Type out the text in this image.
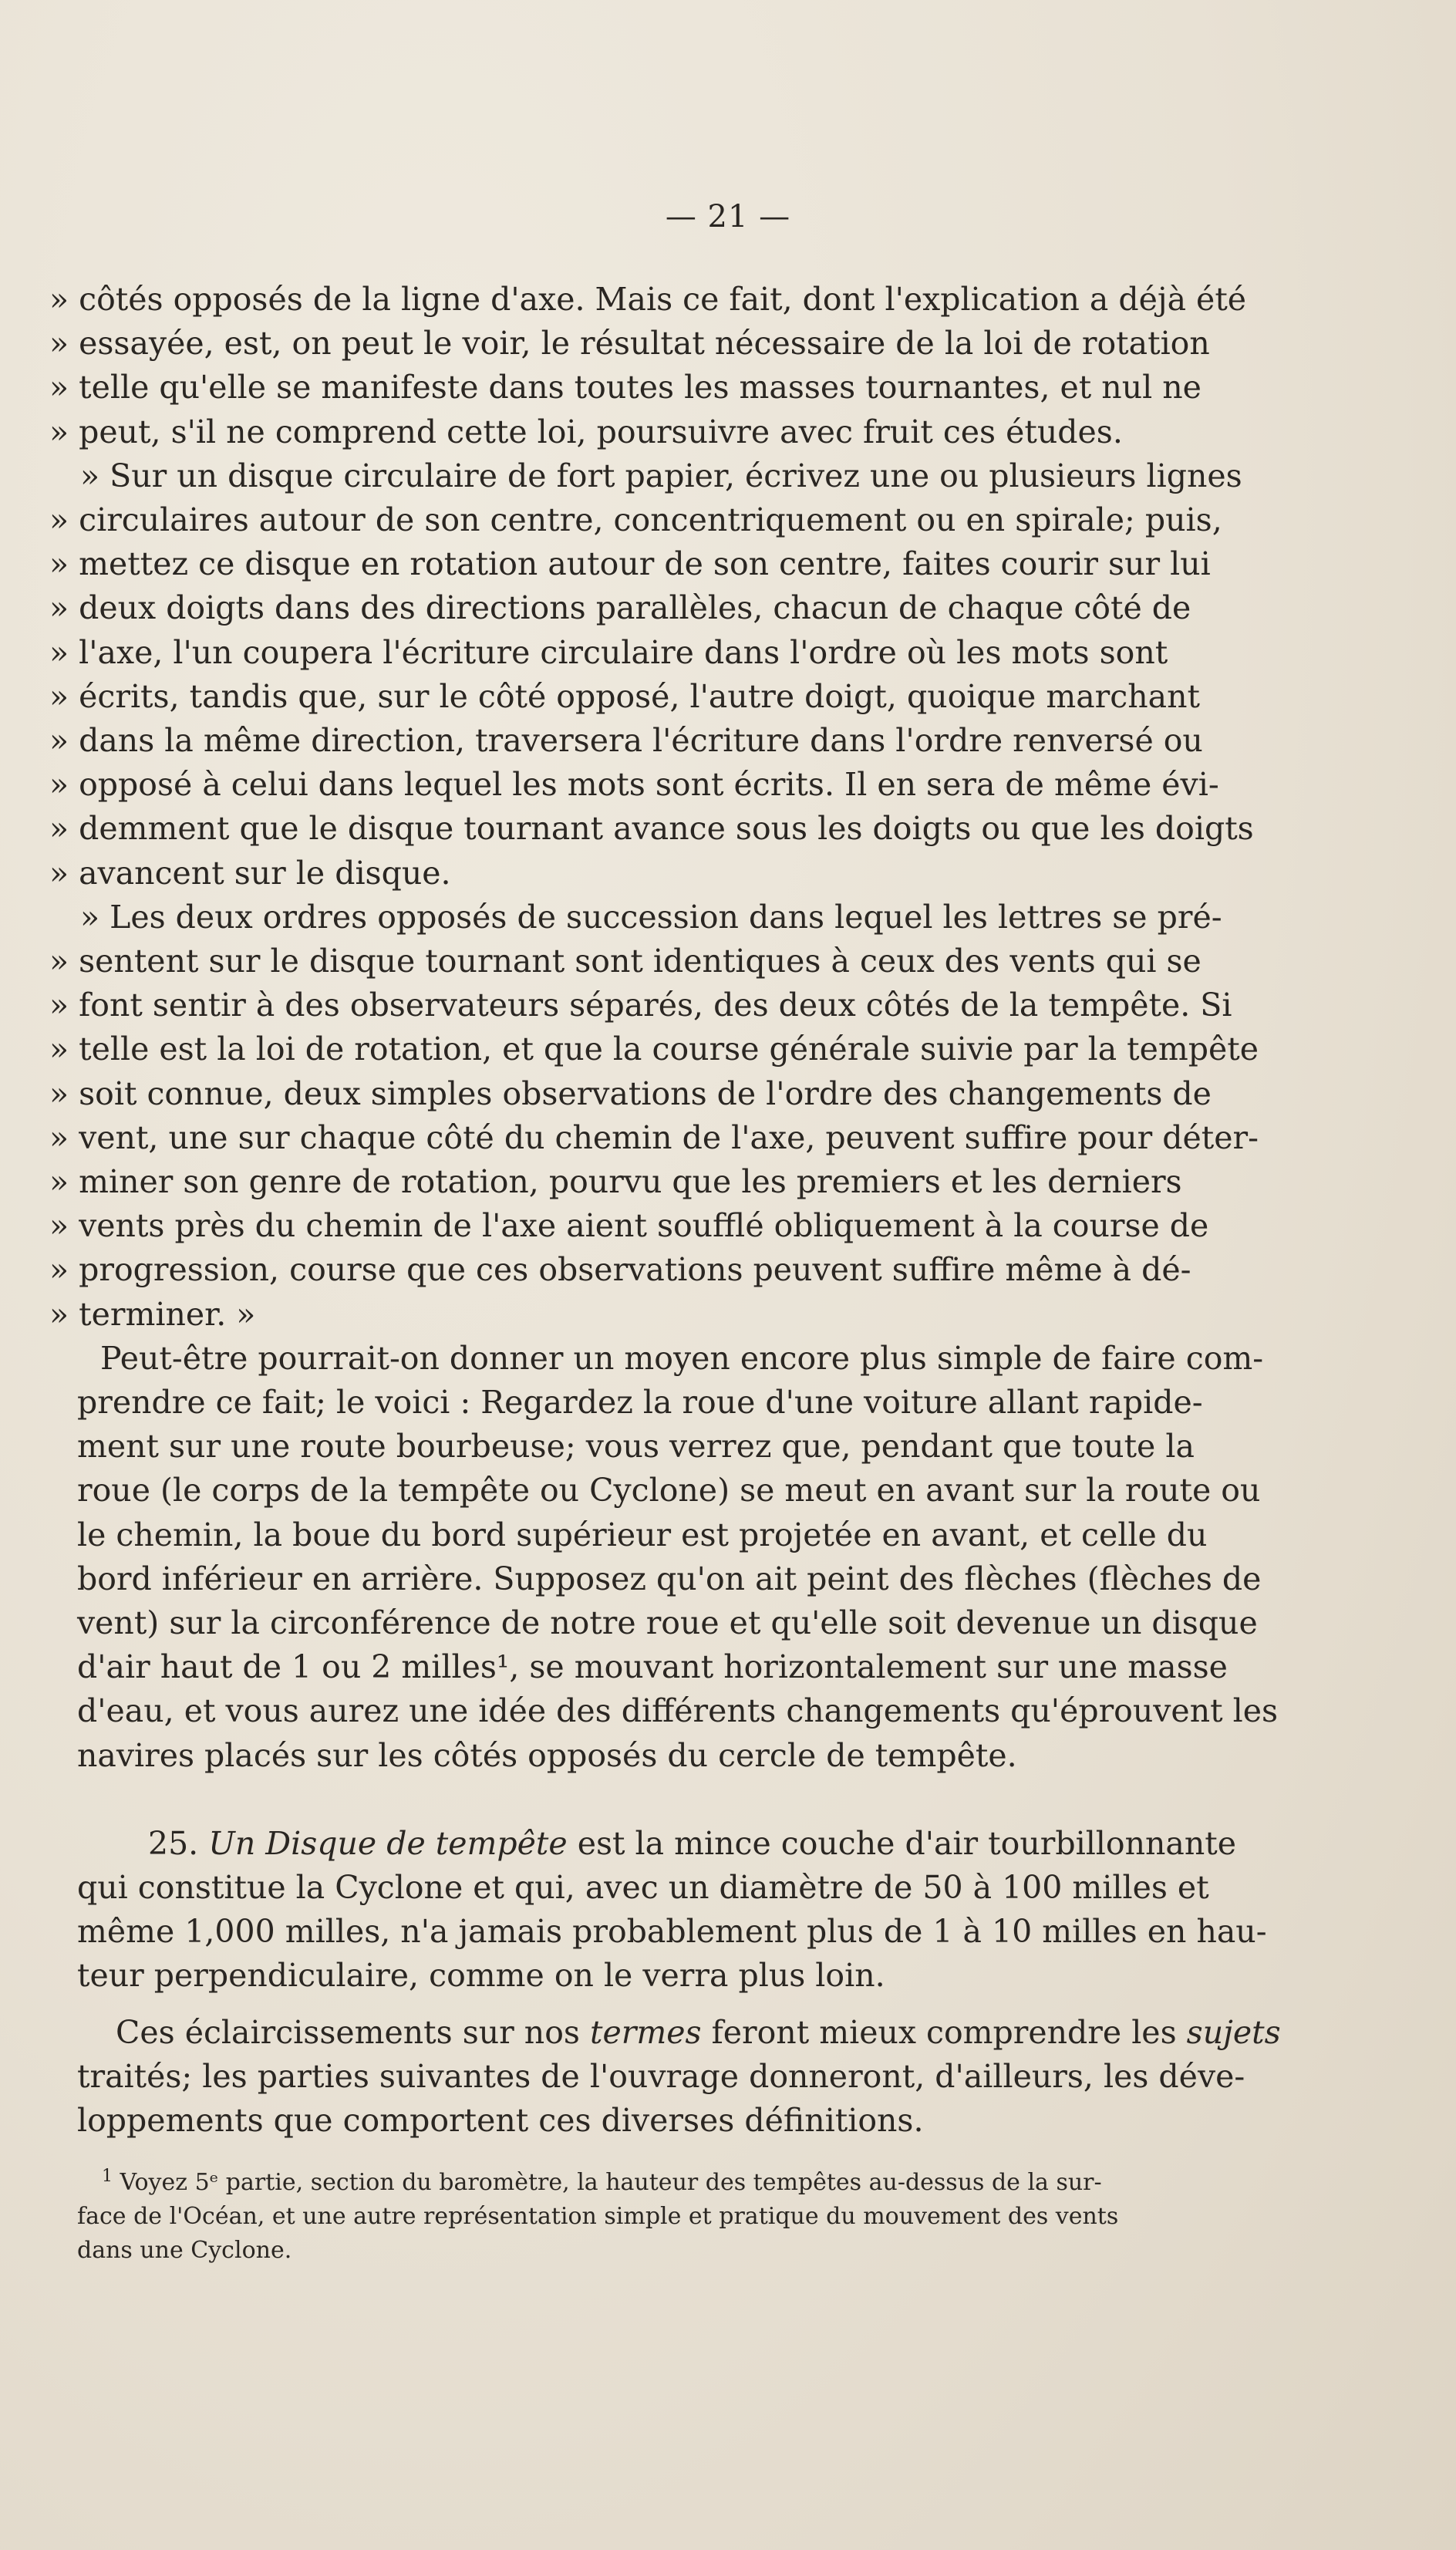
— 21 —
» côtés opposés de la ligne d'axe. Mais ce fait, dont l'explication a déjà été
» essayée, est, on peut le voir, le résultat nécessaire de la loi de rotation
» telle qu'elle se manifeste dans toutes les masses tournantes, et nul ne
» peut, s'il ne comprend cette loi, poursuivre avec fruit ces études.
» Sur un disque circulaire de fort papier, écrivez une ou plusieurs lignes
» circulaires autour de son centre, concentriquement ou en spirale; puis,
» mettez ce disque en rotation autour de son centre, faites courir sur lui
» deux doigts dans des directions parallèles, chacun de chaque côté de
» l'axe, l'un coupera l'écriture circulaire dans l'ordre où les mots sont
» écrits, tandis que, sur le côté opposé, l'autre doigt, quoique marchant
» dans la même direction, traversera l'écriture dans l'ordre renversé ou
» opposé à celui dans lequel les mots sont écrits. Il en sera de même évi-
» demment que le disque tournant avance sous les doigts ou que les doigts
» avancent sur le disque.
» Les deux ordres opposés de succession dans lequel les lettres se pré-
» sentent sur le disque tournant sont identiques à ceux des vents qui se
» font sentir à des observateurs séparés, des deux côtés de la tempête. Si
» telle est la loi de rotation, et que la course générale suivie par la tempête
» soit connue, deux simples observations de l'ordre des changements de
» vent, une sur chaque côté du chemin de l'axe, peuvent suffire pour déter-
» miner son genre de rotation, pourvu que les premiers et les derniers
» vents près du chemin de l'axe aient soufflé obliquement à la course de
» progression, course que ces observations peuvent suffire même à dé-
» terminer. »
Peut-être pourrait-on donner un moyen encore plus simple de faire com-
prendre ce fait; le voici : Regardez la roue d'une voiture allant rapide-
ment sur une route bourbeuse; vous verrez que, pendant que toute la
roue (le corps de la tempête ou Cyclone) se meut en avant sur la route ou
le chemin, la boue du bord supérieur est projetée en avant, et celle du
bord inférieur en arrière. Supposez qu'on ait peint des flèches (flèches de
vent) sur la circonférence de notre roue et qu'elle soit devenue un disque
d'air haut de 1 ou 2 milles¹, se mouvant horizontalement sur une masse
d'eau, et vous aurez une idée des différents changements qu'éprouvent les
navires placés sur les côtés opposés du cercle de tempête.
25. Un Disque de tempête est la mince couche d'air tourbillonnante
qui constitue la Cyclone et qui, avec un diamètre de 50 à 100 milles et
même 1,000 milles, n'a jamais probablement plus de 1 à 10 milles en hau-
teur perpendiculaire, comme on le verra plus loin.
Ces éclaircissements sur nos termes feront mieux comprendre les sujets
traités; les parties suivantes de l'ouvrage donneront, d'ailleurs, les déve-
loppements que comportent ces diverses définitions.
$^1$ Voyez 5ᵉ partie, section du baromètre, la hauteur des tempêtes au-dessus de la sur-
face de l'Océan, et une autre représentation simple et pratique du mouvement des vents
dans une Cyclone.
